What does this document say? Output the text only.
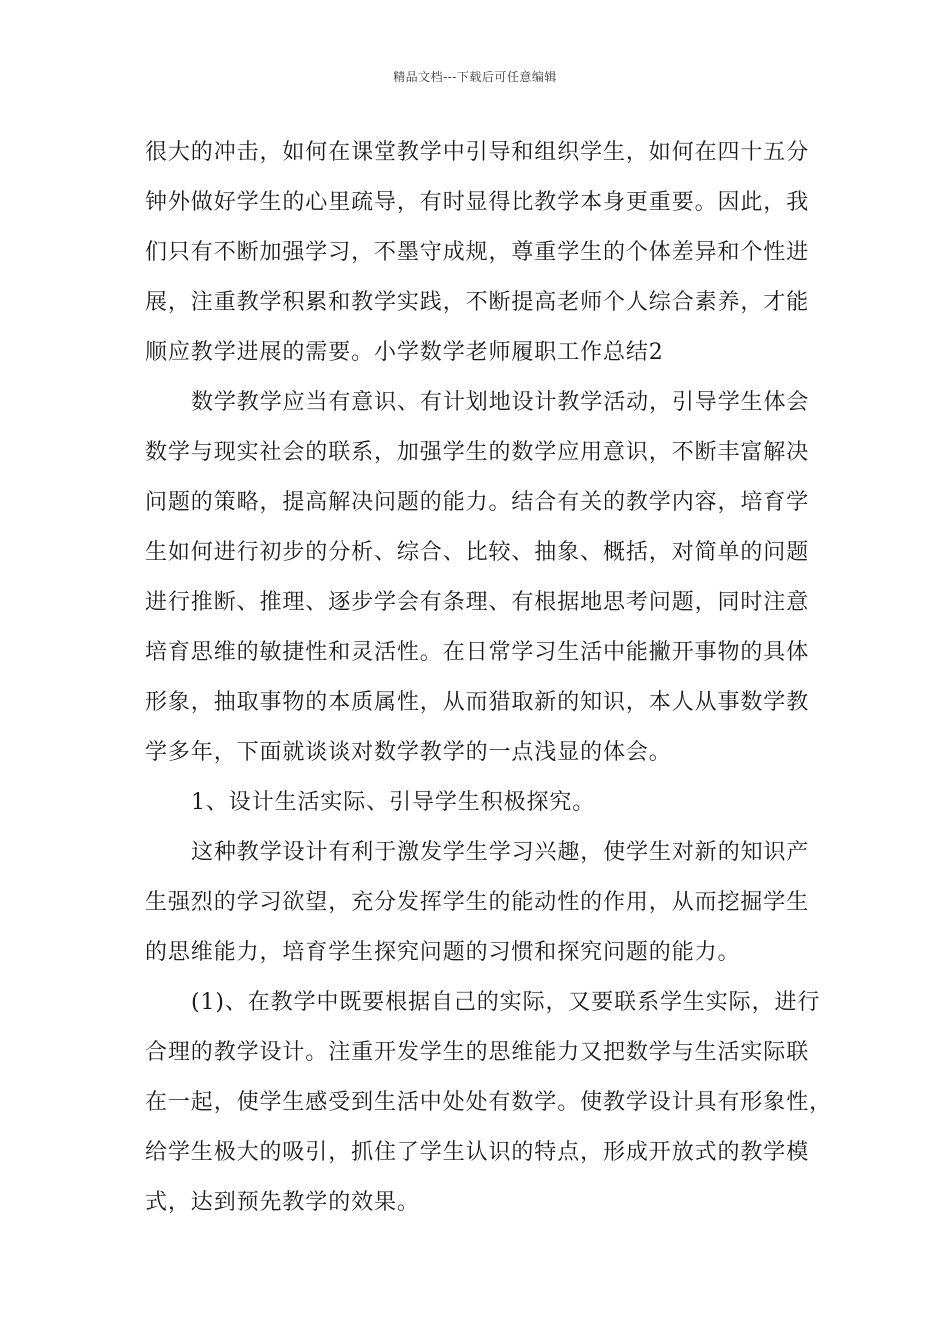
精品文档---下载后可任意编辑
很大的冲击，如何在课堂教学中引导和组织学生，如何在四十五分
钟外做好学生的心里疏导，有时显得比教学本身更重要。因此，我
们只有不断加强学习，不墨守成规，尊重学生的个体差异和个性进
展，注重教学积累和教学实践，不断提高老师个人综合素养，才能
顺应教学进展的需要。小学数学老师履职工作总结2
数学教学应当有意识、有计划地设计教学活动，引导学生体会
数学与现实社会的联系，加强学生的数学应用意识，不断丰富解决
问题的策略，提高解决问题的能力。结合有关的教学内容，培育学
生如何进行初步的分析、综合、比较、抽象、概括，对简单的问题
进行推断、推理、逐步学会有条理、有根据地思考问题，同时注意
培育思维的敏捷性和灵活性。在日常学习生活中能撇开事物的具体
形象，抽取事物的本质属性，从而猎取新的知识，本人从事数学教
学多年，下面就谈谈对数学教学的一点浅显的体会。
1、设计生活实际、引导学生积极探究。
这种教学设计有利于激发学生学习兴趣，使学生对新的知识产
生强烈的学习欲望，充分发挥学生的能动性的作用，从而挖掘学生
的思维能力，培育学生探究问题的习惯和探究问题的能力。
(1)、在教学中既要根据自己的实际，又要联系学生实际，进行
合理的教学设计。注重开发学生的思维能力又把数学与生活实际联
在一起，使学生感受到生活中处处有数学。使教学设计具有形象性，
给学生极大的吸引，抓住了学生认识的特点，形成开放式的教学模
式，达到预先教学的效果。
